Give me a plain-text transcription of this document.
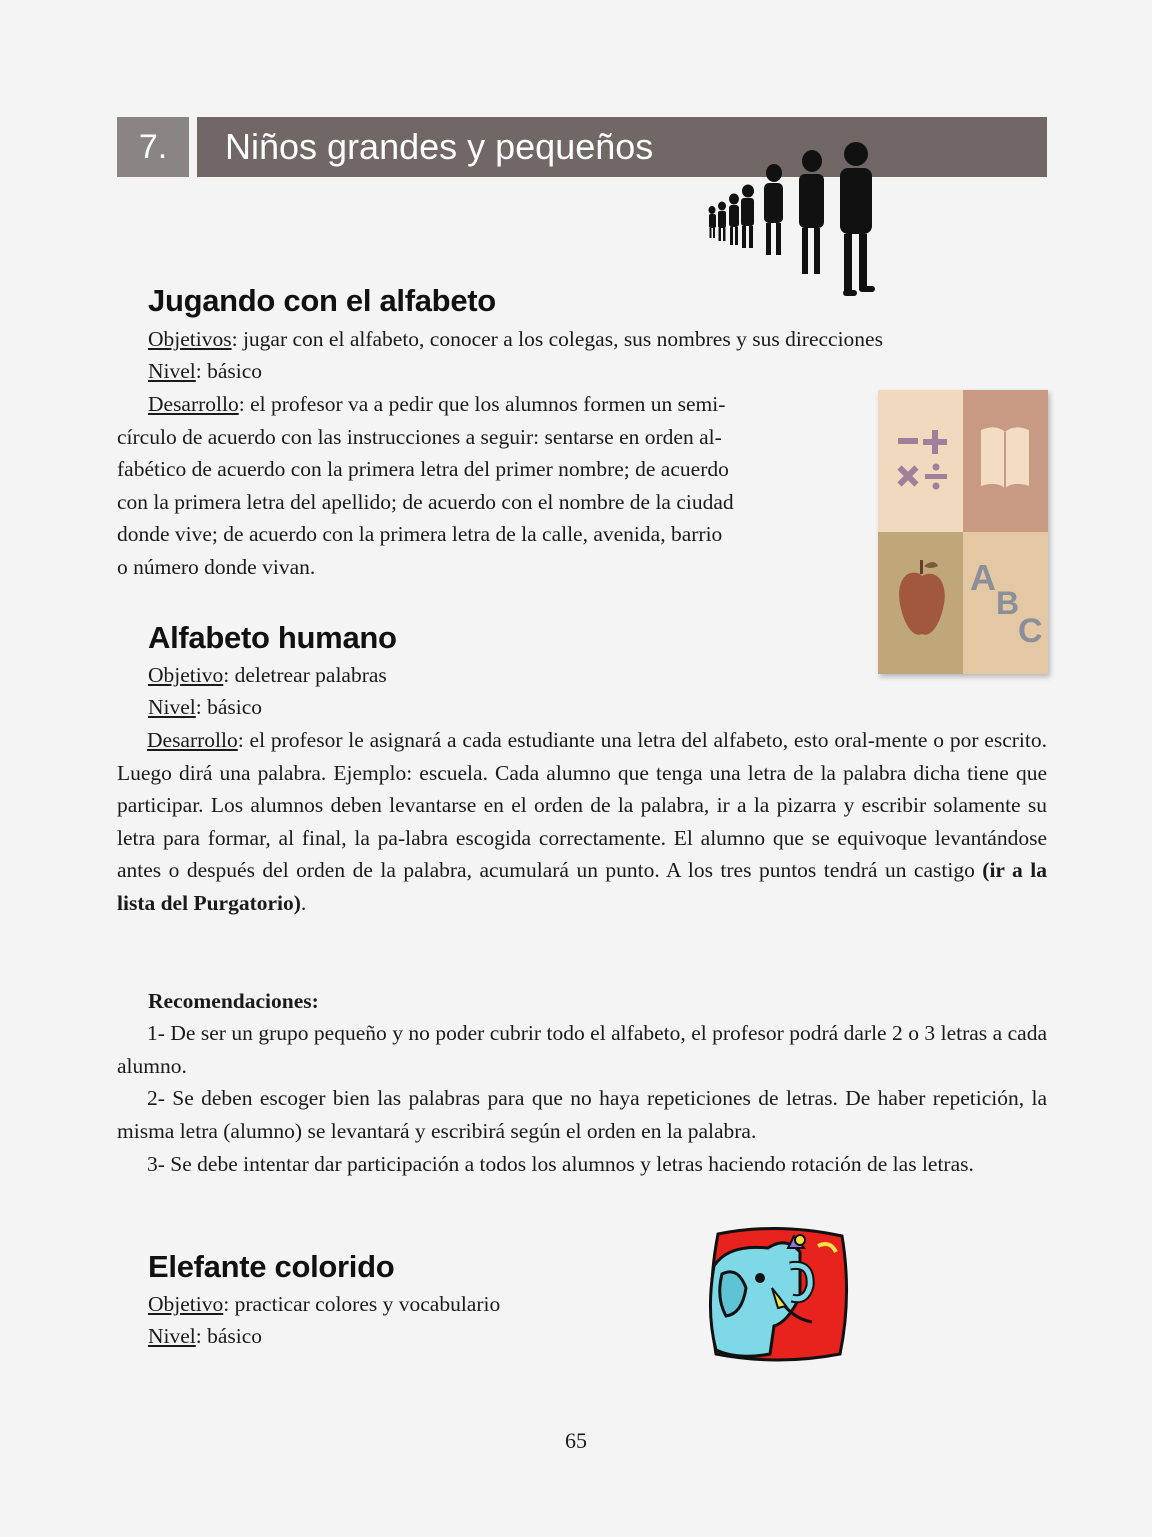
7.	Niños grandes y pequeños
Jugando con el alfabeto
Objetivos: jugar con el alfabeto, conocer a los colegas, sus nombres y sus direcciones
Nivel: básico
Desarrollo: el profesor va a pedir que los alumnos formen un semi-
círculo de acuerdo con las instrucciones a seguir: sentarse en orden al-
fabético de acuerdo con la primera letra del primer nombre; de acuerdo
con la primera letra del apellido; de acuerdo con el nombre de la ciudad
donde vive; de acuerdo con la primera letra de la calle, avenida, barrio
o número donde vivan.	A
B
C
Alfabeto humano
Objetivo: deletrear palabras
Nivel: básico
Desarrollo: el profesor le asignará a cada estudiante una letra del alfabeto, esto oral-mente o por escrito. Luego dirá una palabra. Ejemplo: escuela. Cada alumno que tenga una letra de la palabra dicha tiene que participar. Los alumnos deben levantarse en el orden de la palabra, ir a la pizarra y escribir solamente su letra para formar, al final, la pa-labra escogida correctamente. El alumno que se equivoque levantándose antes o después del orden de la palabra, acumulará un punto. A los tres puntos tendrá un castigo (ir a la lista del Purgatorio).
Recomendaciones:
1- De ser un grupo pequeño y no poder cubrir todo el alfabeto, el profesor podrá darle 2 o 3 letras a cada alumno.
2- Se deben escoger bien las palabras para que no haya repeticiones de letras. De haber repetición, la misma letra (alumno) se levantará y escribirá según el orden en la palabra.
3- Se debe intentar dar participación a todos los alumnos y letras haciendo rotación de las letras.
Elefante colorido
Objetivo: practicar colores y vocabulario
Nivel: básico
65
